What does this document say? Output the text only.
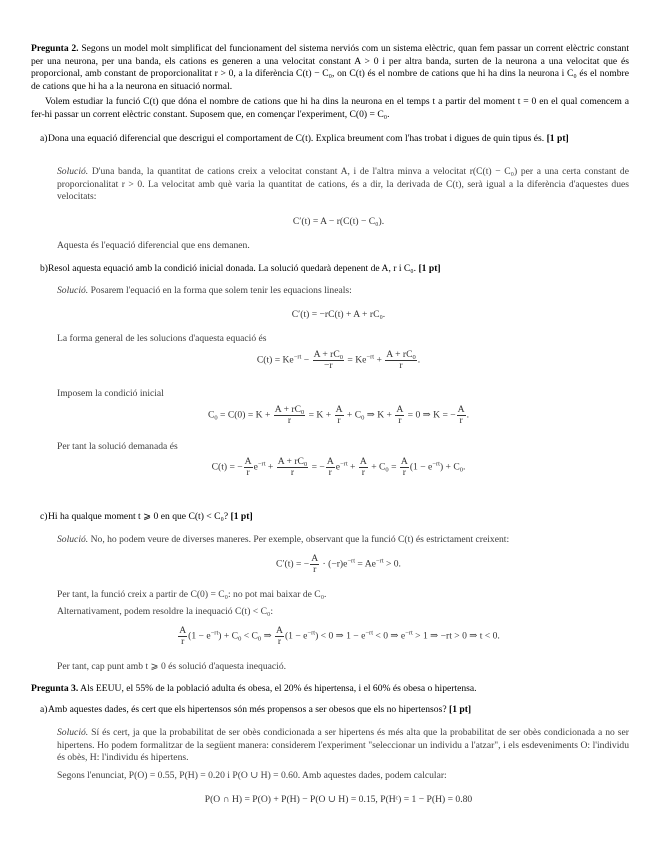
Pregunta 2. Segons un model molt simplificat del funcionament del sistema nerviós com un sistema elèctric, quan fem passar un corrent elèctric constant per una neurona, per una banda, els cations es generen a una velocitat constant A > 0 i per altra banda, surten de la neurona a una velocitat que és proporcional, amb constant de proporcionalitat r > 0, a la diferència C(t) − C₀, on C(t) és el nombre de cations que hi ha dins la neurona i C₀ és el nombre de cations que hi ha a la neurona en situació normal.

Volem estudiar la funció C(t) que dóna el nombre de cations que hi ha dins la neurona en el temps t a partir del moment t = 0 en el qual comencem a fer-hi passar un corrent elèctric constant. Suposem que, en començar l'experiment, C(0) = C₀.

a) Dona una equació diferencial que descrigui el comportament de C(t). Explica breument com l'has trobat i digues de quin tipus és. [1 pt]

Solució. D'una banda, la quantitat de cations creix a velocitat constant A, i de l'altra minva a velocitat r(C(t) − C₀) per a una certa constant de proporcionalitat r > 0. La velocitat amb què varia la quantitat de cations, és a dir, la derivada de C(t), serà igual a la diferència d'aquestes dues velocitats:

C′(t) = A − r(C(t) − C₀).

Aquesta és l'equació diferencial que ens demanen.

b) Resol aquesta equació amb la condició inicial donada. La solució quedarà depenent de A, r i C₀. [1 pt]

Solució. Posarem l'equació en la forma que solem tenir les equacions lineals:

C′(t) = −rC(t) + A + rC₀.

La forma general de les solucions d'aquesta equació és

$C(t) = Ke^{-rt} - \frac{A + rC_0}{-r} = Ke^{-rt} + \frac{A + rC_0}{r}$ .

Imposem la condició inicial

$C_0 = C(0) = K + \frac{A + rC_0}{r} = K + \frac{A}{r} + C_0$ ⇒ $K + \frac{A}{r} = 0$ ⇒ K = − $\frac{A}{r}$ .

Per tant la solució demanada és

C(t) = − $\frac{A}{r} e^{-rt} + \frac{A + rC_0}{r}$ = − $\frac{A}{r} e^{-rt} + \frac{A}{r} + C_0 = \frac{A}{r} (1 - e^{-rt}) + C_0$.
c) Hi ha qualque moment t ⩾ 0 en que C(t) < C₀? [1 pt]

Solució. No, ho podem veure de diverses maneres. Per exemple, observant que la funció C(t) és estrictament creixent:

C′(t) = − $\frac{A}{r} \cdot (-r)e^{-rt} = Ae^{-rt} > 0$.

Per tant, la funció creix a partir de C(0) = C₀: no pot mai baixar de C₀.

Alternativament, podem resoldre la inequació C(t) < C₀:

$\frac{A}{r} (1 - e^{-rt}) + C_0 < C_0$ ⇒ $\frac{A}{r} (1 - e^{-rt}) < 0$ ⇒ $1 - e^{-rt} < 0$ ⇒ $e^{-rt} > 1$ ⇒ −rt > 0 ⇒ t < 0.

Per tant, cap punt amb t ⩾ 0 és solució d'aquesta inequació.

Pregunta 3. Als EEUU, el 55% de la població adulta és obesa, el 20% és hipertensa, i el 60% és obesa o hipertensa.

a) Amb aquestes dades, és cert que els hipertensos són més propensos a ser obesos que els no hipertensos? [1 pt]

Solució. Sí és cert, ja que la probabilitat de ser obès condicionada a ser hipertens és més alta que la probabilitat de ser obès condicionada a no ser hipertens. Ho podem formalitzar de la següent manera: considerem l'experiment "seleccionar un individu a l'atzar", i els esdeveniments O: l'individu és obès, H: l'individu és hipertens.

Segons l'enunciat, P(O) = 0.55, P(H) = 0.20 i P(O ∪ H) = 0.60. Amb aquestes dades, podem calcular:

P(O ∩ H) = P(O) + P(H) − P(O ∪ H) = 0.15, P(Hᶜ) = 1 − P(H) = 0.80
